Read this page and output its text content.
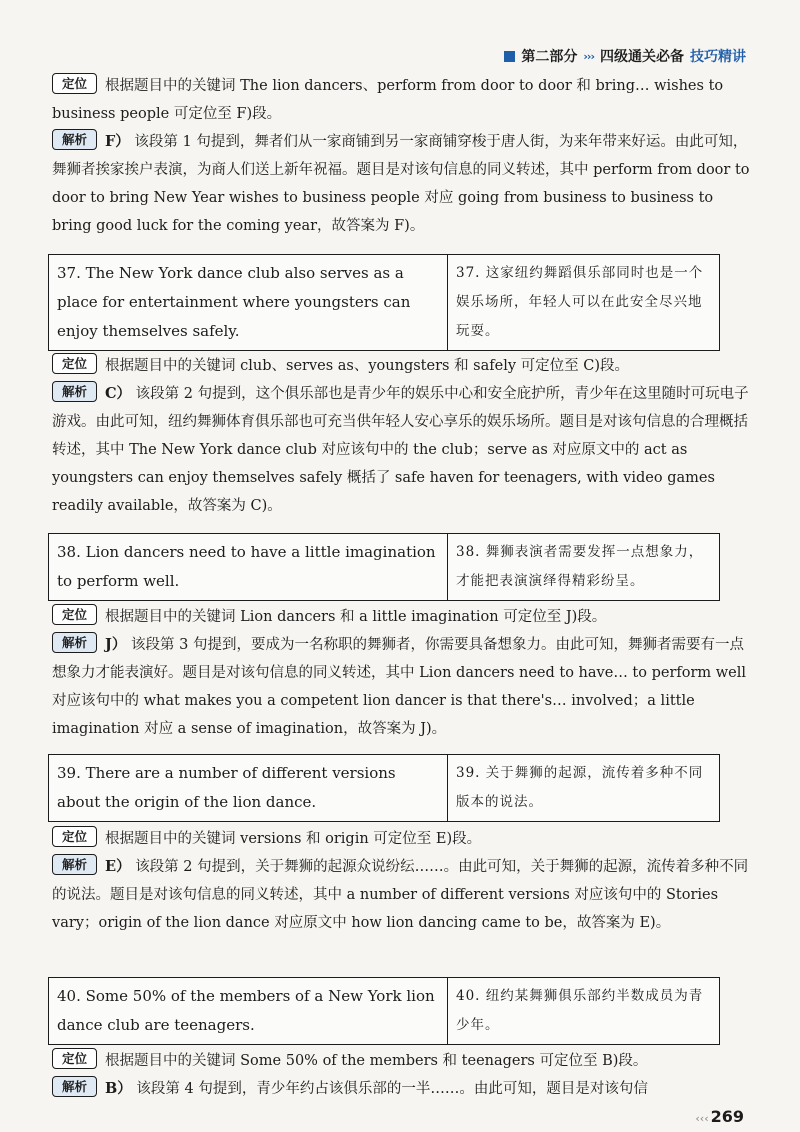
第二部分 ››› 四级通关必备 技巧精讲
定位 根据题目中的关键词 The lion dancers、perform from door to door 和 bring… wishes to business people 可定位至 F)段。
解析 F） 该段第 1 句提到，舞者们从一家商铺到另一家商铺穿梭于唐人街，为来年带来好运。由此可知，舞狮者挨家挨户表演，为商人们送上新年祝福。题目是对该句信息的同义转述，其中 perform from door to door to bring New Year wishes to business people 对应 going from business to business to bring good luck for the coming year，故答案为 F)。
37. The New York dance club also serves as a place for entertainment where youngsters can enjoy themselves safely.
37. 这家纽约舞蹈俱乐部同时也是一个娱乐场所，年轻人可以在此安全尽兴地玩耍。
定位 根据题目中的关键词 club、serves as、youngsters 和 safely 可定位至 C)段。
解析 C） 该段第 2 句提到，这个俱乐部也是青少年的娱乐中心和安全庇护所，青少年在这里随时可玩电子游戏。由此可知，纽约舞狮体育俱乐部也可充当供年轻人安心享乐的娱乐场所。题目是对该句信息的合理概括转述，其中 The New York dance club 对应该句中的 the club；serve as 对应原文中的 act as youngsters can enjoy themselves safely 概括了 safe haven for teenagers, with video games readily available，故答案为 C)。
38. Lion dancers need to have a little imagination to perform well.
38. 舞狮表演者需要发挥一点想象力，才能把表演演绎得精彩纷呈。
定位 根据题目中的关键词 Lion dancers 和 a little imagination 可定位至 J)段。
解析 J） 该段第 3 句提到，要成为一名称职的舞狮者，你需要具备想象力。由此可知，舞狮者需要有一点想象力才能表演好。题目是对该句信息的同义转述，其中 Lion dancers need to have… to perform well 对应该句中的 what makes you a competent lion dancer is that there's… involved；a little imagination 对应 a sense of imagination，故答案为 J)。
39. There are a number of different versions about the origin of the lion dance.
39. 关于舞狮的起源，流传着多种不同版本的说法。
定位 根据题目中的关键词 versions 和 origin 可定位至 E)段。
解析 E） 该段第 2 句提到，关于舞狮的起源众说纷纭……。由此可知，关于舞狮的起源，流传着多种不同的说法。题目是对该句信息的同义转述，其中 a number of different versions 对应该句中的 Stories vary；origin of the lion dance 对应原文中 how lion dancing came to be，故答案为 E)。
40. Some 50% of the members of a New York lion dance club are teenagers.
40. 纽约某舞狮俱乐部约半数成员为青少年。
定位 根据题目中的关键词 Some 50% of the members 和 teenagers 可定位至 B)段。
解析 B） 该段第 4 句提到，青少年约占该俱乐部的一半……。由此可知，题目是对该句信
‹‹‹ 269
